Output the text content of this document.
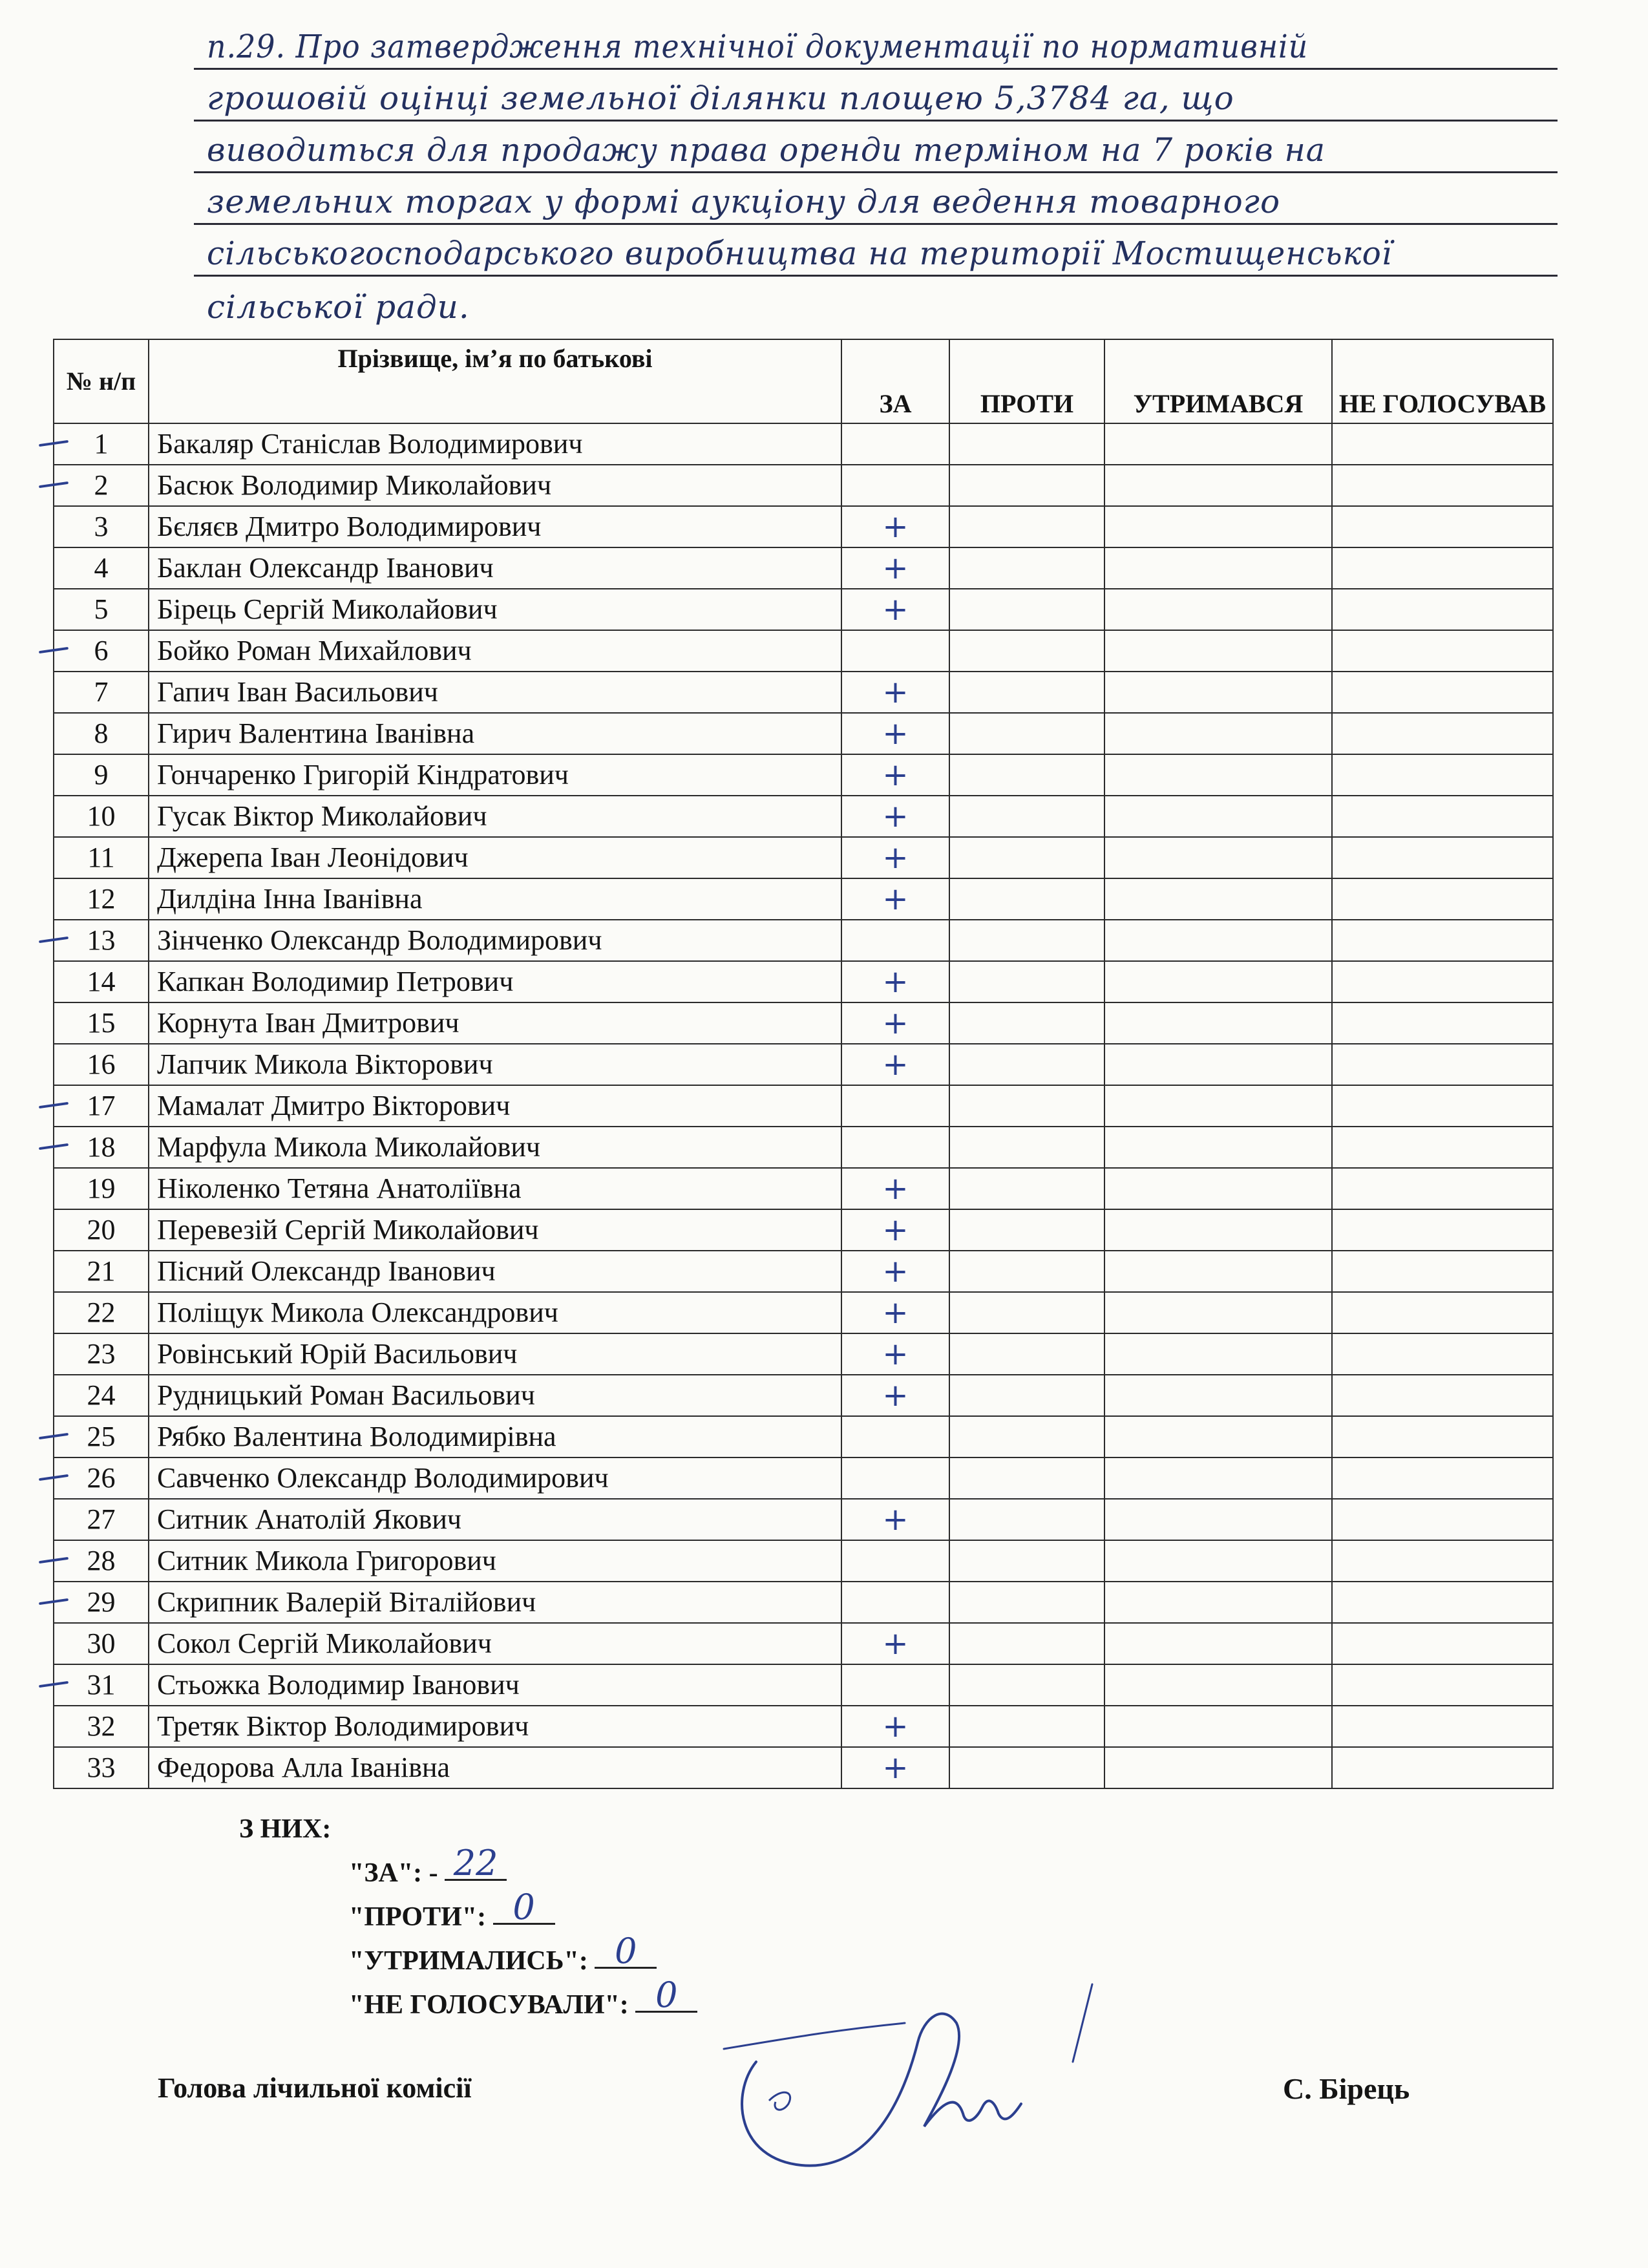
п.29. Про затвердження технічної документації по нормативній
грошовій оцінці земельної ділянки площею 5,3784 га, що
виводиться для продажу права оренди терміном на 7 років на
земельних торгах у формі аукціону для ведення товарного
сільськогосподарського виробництва на території Мостищенської
сільської ради.
№ н/п	Прізвище, ім’я по батькові	ЗА	ПРОТИ	УТРИМАВСЯ	НЕ ГОЛОСУВАВ

1	Бакаляр Станіслав Володимирович				

2	Басюк Володимир Миколайович				
3	Бєляєв Дмитро Володимирович	+			
4	Баклан Олександр Іванович	+			
5	Бірець Сергій Миколайович	+			

6	Бойко Роман Михайлович				
7	Гапич Іван Васильович	+			
8	Гирич Валентина Іванівна	+			
9	Гончаренко Григорій Кіндратович	+			
10	Гусак Віктор Миколайович	+			
11	Джерепа Іван Леонідович	+			
12	Дилдіна Інна Іванівна	+			

13	Зінченко Олександр Володимирович				
14	Капкан Володимир Петрович	+			
15	Корнута Іван Дмитрович	+			
16	Лапчик Микола Вікторович	+			

17	Мамалат Дмитро Вікторович				

18	Марфула Микола Миколайович				
19	Ніколенко Тетяна Анатоліївна	+			
20	Перевезій Сергій Миколайович	+			
21	Пісний Олександр Іванович	+			
22	Поліщук Микола Олександрович	+			
23	Ровінський Юрій Васильович	+			
24	Рудницький Роман Васильович	+			

25	Рябко Валентина Володимирівна				

26	Савченко Олександр Володимирович				
27	Ситник Анатолій Якович	+			

28	Ситник Микола Григорович				

29	Скрипник Валерій Віталійович				
30	Сокол Сергій Миколайович	+			

31	Стьожка Володимир Іванович				
32	Третяк Віктор Володимирович	+			
33	Федорова Алла Іванівна	+			
З НИХ:
"ЗА": - 22
"ПРОТИ": 0
"УТРИМАЛИСЬ": 0
"НЕ ГОЛОСУВАЛИ": 0
Голова лічильної комісії	С. Бірець
